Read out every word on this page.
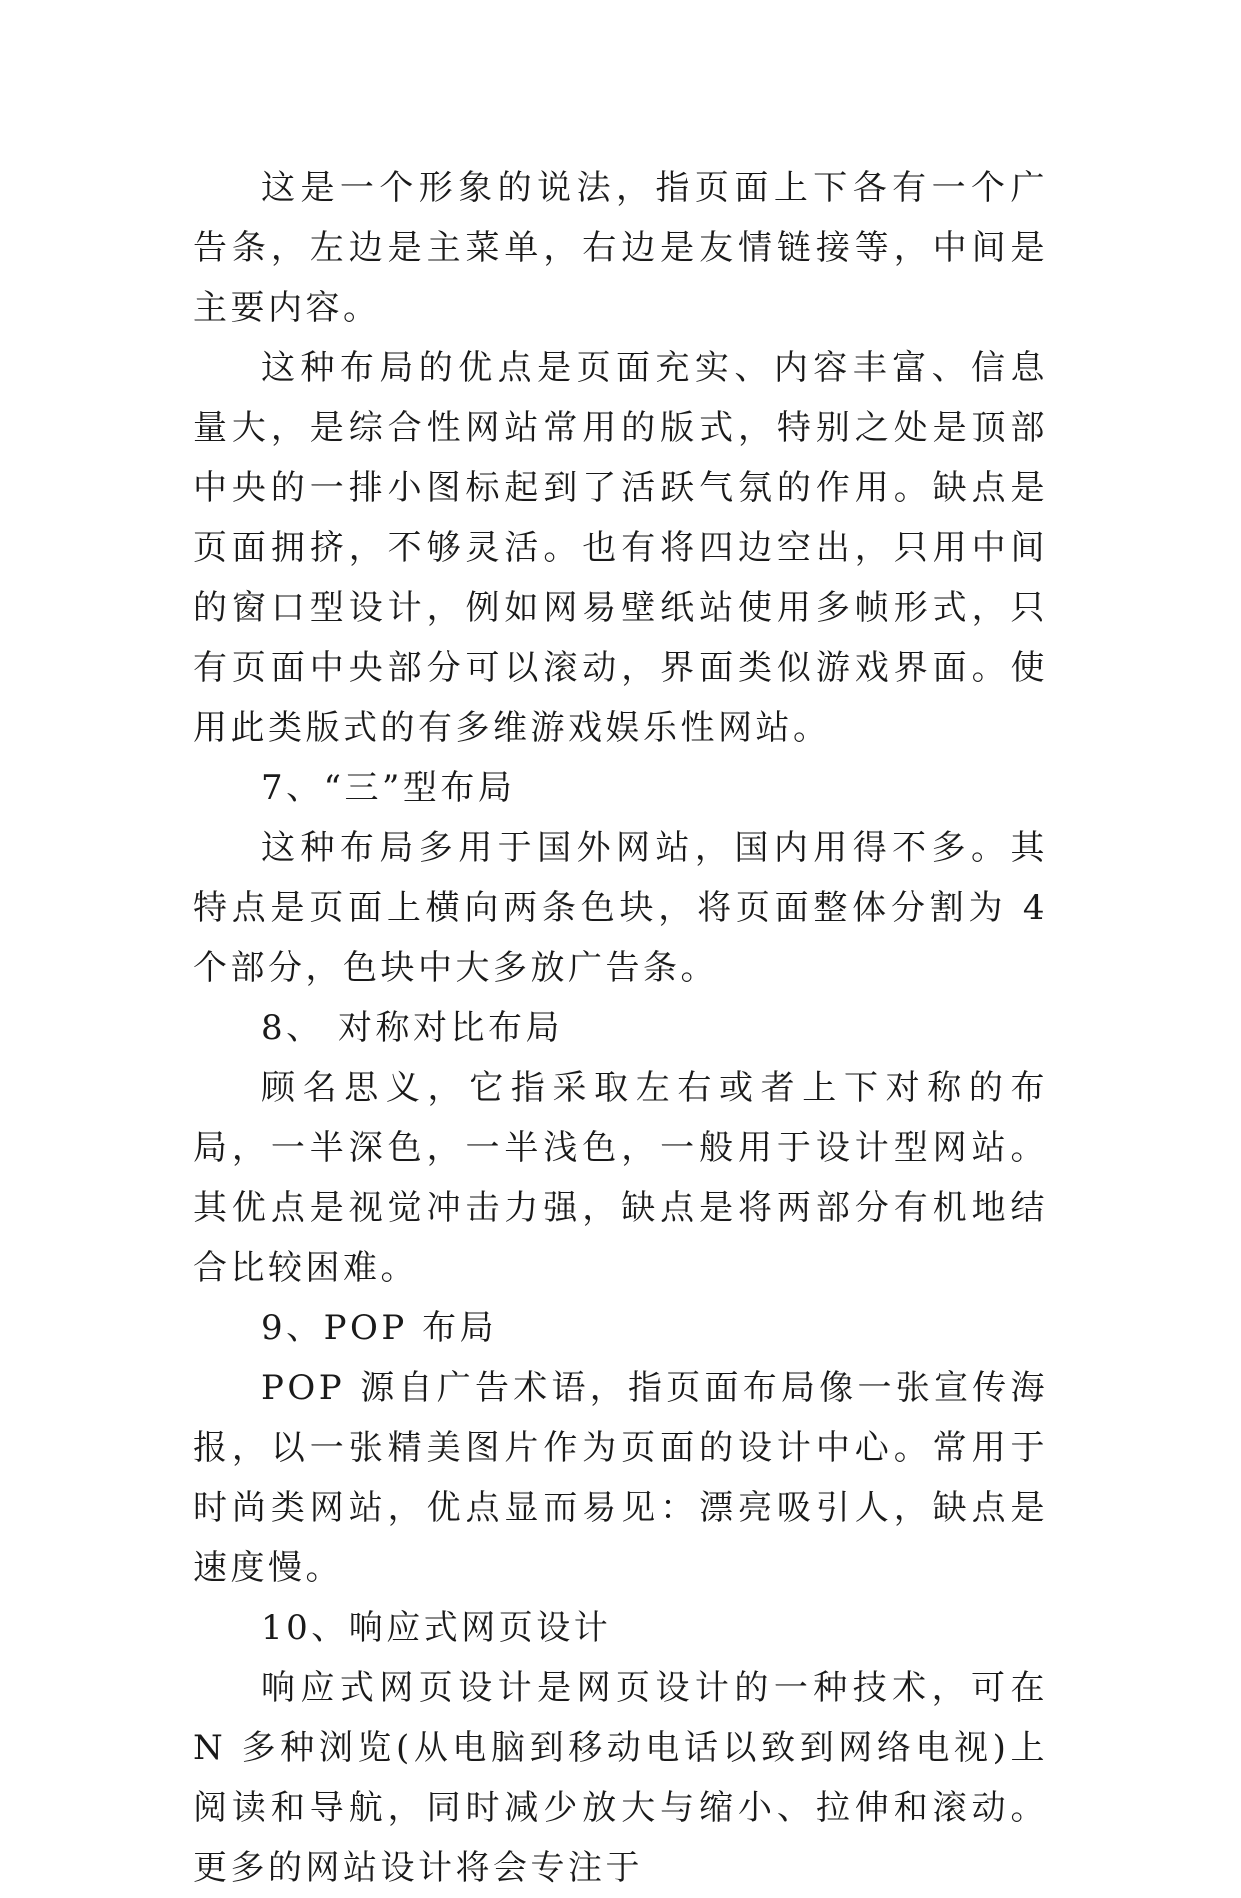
这是一个形象的说法，指页面上下各有一个广告条，左边是主菜单，右边是友情链接等，中间是主要内容。

这种布局的优点是页面充实、内容丰富、信息量大，是综合性网站常用的版式，特别之处是顶部中央的一排小图标起到了活跃气氛的作用。缺点是页面拥挤，不够灵活。也有将四边空出，只用中间的窗口型设计，例如网易壁纸站使用多帧形式，只有页面中央部分可以滚动，界面类似游戏界面。使用此类版式的有多维游戏娱乐性网站。

7、“三”型布局

这种布局多用于国外网站，国内用得不多。其特点是页面上横向两条色块，将页面整体分割为 4 个部分，色块中大多放广告条。

8、 对称对比布局

顾名思义，它指采取左右或者上下对称的布局，一半深色，一半浅色，一般用于设计型网站。其优点是视觉冲击力强，缺点是将两部分有机地结合比较困难。

9、POP 布局

POP 源自广告术语，指页面布局像一张宣传海报，以一张精美图片作为页面的设计中心。常用于时尚类网站，优点显而易见：漂亮吸引人，缺点是速度慢。

10、响应式网页设计

响应式网页设计是网页设计的一种技术，可在 N 多种浏览(从电脑到移动电话以致到网络电视)上阅读和导航，同时减少放大与缩小、拉伸和滚动。更多的网站设计将会专注于
